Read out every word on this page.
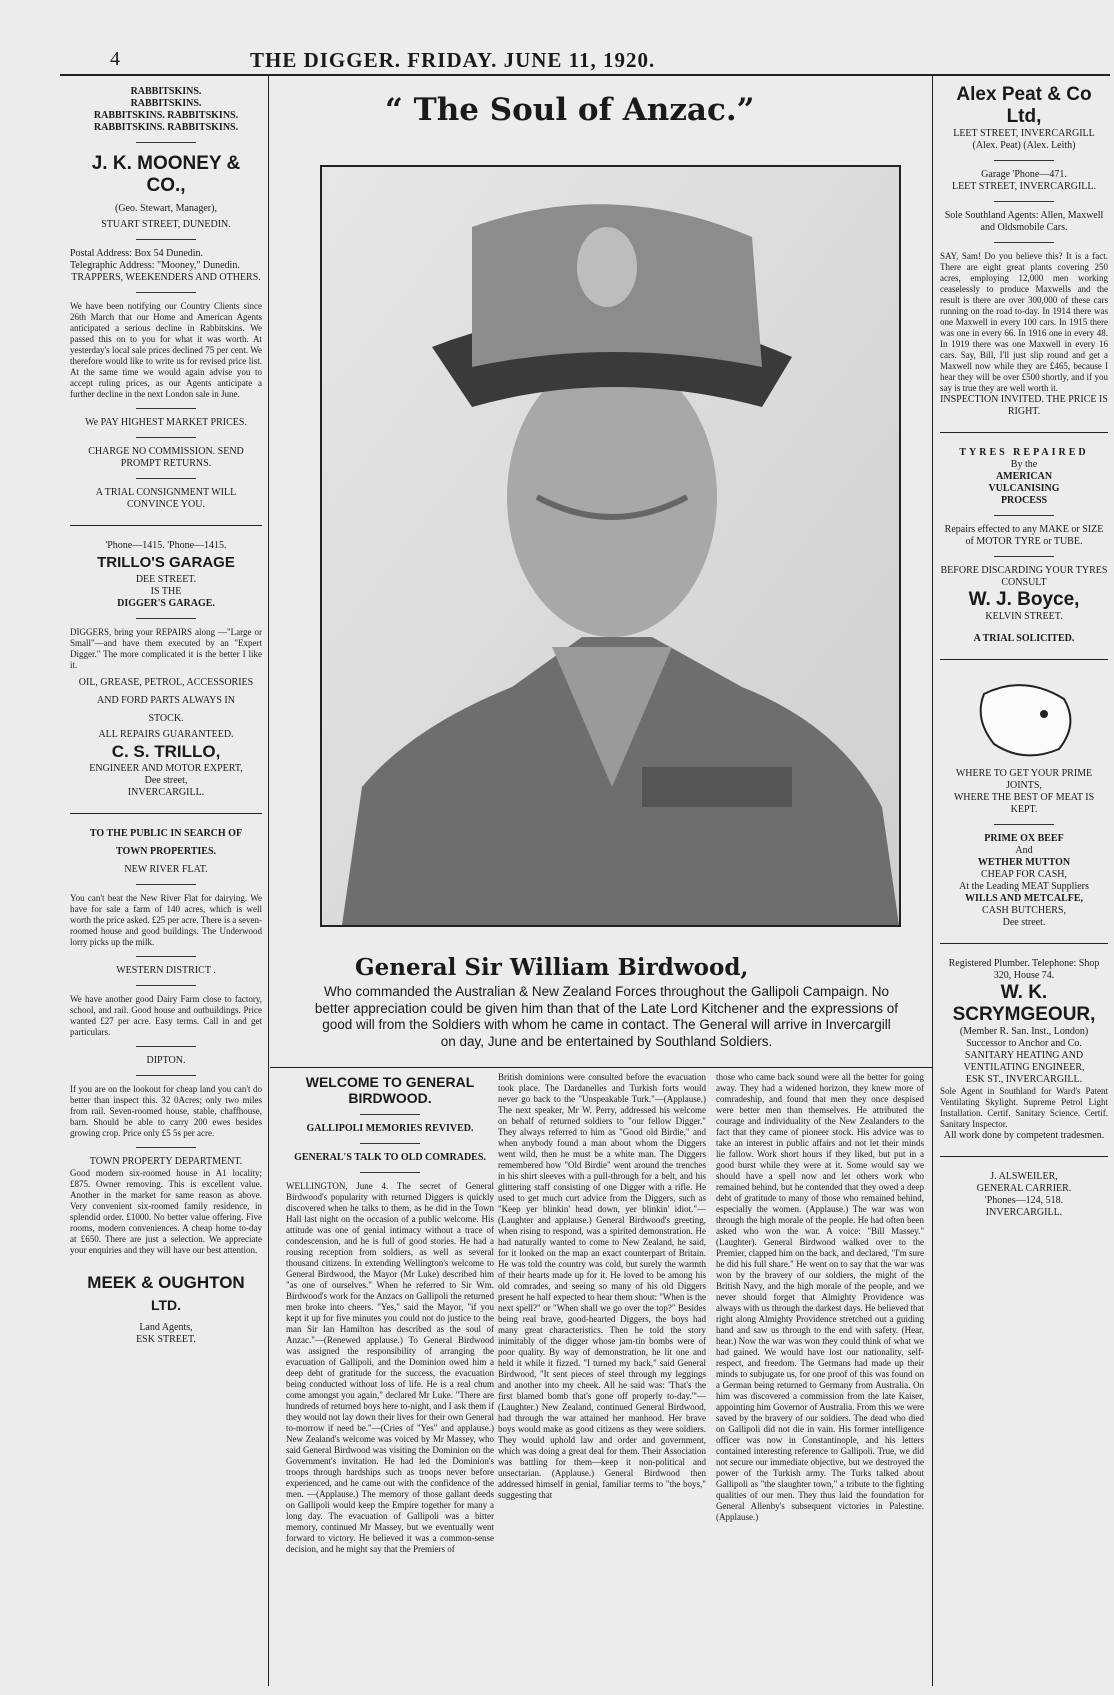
4	THE DIGGER. FRIDAY. JUNE 11, 1920.

RABBITSKINS.

RABBITSKINS.

RABBITSKINS. RABBITSKINS.

RABBITSKINS. RABBITSKINS.

J. K. MOONEY & CO.,

(Geo. Stewart, Manager),

STUART STREET, DUNEDIN.

Postal Address: Box 54 Dunedin.

Telegraphic Address: "Mooney," Dunedin.

TRAPPERS, WEEKENDERS AND OTHERS.

We have been notifying our Country Clients since 26th March that our Home and American Agents anticipated a serious decline in Rabbitskins. We passed this on to you for what it was worth. At yesterday's local sale prices declined 75 per cent. We therefore would like to write us for revised price list. At the same time we would again advise you to accept ruling prices, as our Agents anticipate a further decline in the next London sale in June.

We PAY HIGHEST MARKET PRICES.

CHARGE NO COMMISSION. SEND PROMPT RETURNS.

A TRIAL CONSIGNMENT WILL CONVINCE YOU.

'Phone—1415. 'Phone—1415.

TRILLO'S GARAGE

DEE STREET.

IS THE

DIGGER'S GARAGE.

DIGGERS, bring your REPAIRS along —"Large or Small"—and have them executed by an "Expert Digger." The more complicated it is the better I like it.

OIL, GREASE, PETROL, ACCESSORIES

AND FORD PARTS ALWAYS IN

STOCK.

ALL REPAIRS GUARANTEED.

C. S. TRILLO,

ENGINEER AND MOTOR EXPERT,

Dee street,

INVERCARGILL.

TO THE PUBLIC IN SEARCH OF

TOWN PROPERTIES.

NEW RIVER FLAT.

You can't beat the New River Flat for dairying. We have for sale a farm of 140 acres, which is well worth the price asked. £25 per acre. There is a seven-roomed house and good buildings. The Underwood lorry picks up the milk.

WESTERN DISTRICT .

We have another good Dairy Farm close to factory, school, and rail. Good house and outbuildings. Price wanted £27 per acre. Easy terms. Call in and get particulars.

DIPTON.

If you are on the lookout for cheap land you can't do better than inspect this. 32 0Acres; only two miles from rail. Seven-roomed house, stable, chaffhouse, barn. Should be able to carry 200 ewes besides growing crop. Price only £5 5s per acre.

TOWN PROPERTY DEPARTMENT.

Good modern six-roomed house in A1 locality; £875. Owner removing. This is excellent value. Another in the market for same reason as above. Very convenient six-roomed family residence, in splendid order. £1000. No better value offering. Five rooms, modern conveniences. A cheap home to-day at £650. There are just a selection. We appreciate your enquiries and they will have our best attention.

MEEK & OUGHTON

LTD.

Land Agents,

ESK STREET.

“ The Soul of Anzac.”
General Sir William Birdwood,
Who commanded the Australian & New Zealand Forces throughout the Gallipoli Campaign. No better appreciation could be given him than that of the Late Lord Kitchener and the expressions of good will from the Soldiers with whom he came in contact. The General will arrive in Invercargill on day, June and be entertained by Southland Soldiers.

WELCOME TO GENERAL BIRDWOOD.

GALLIPOLI MEMORIES REVIVED.

GENERAL'S TALK TO OLD COMRADES.

WELLINGTON, June 4. The secret of General Birdwood's popularity with returned Diggers is quickly discovered when he talks to them, as he did in the Town Hall last night on the occasion of a public welcome. His attitude was one of genial intimacy without a trace of condescension, and he is full of good stories. He had a rousing reception from soldiers, as well as several thousand citizens. In extending Wellington's welcome to General Birdwood, the Mayor (Mr Luke) described him "as one of ourselves." When he referred to Sir Wm. Birdwood's work for the Anzacs on Gallipoli the returned men broke into cheers. "Yes," said the Mayor, "if you kept it up for five minutes you could not do justice to the man Sir Ian Hamilton has described as the soul of Anzac."—(Renewed applause.) To General Birdwood was assigned the responsibility of arranging the evacuation of Gallipoli, and the Dominion owed him a deep debt of gratitude for the success, the evacuation being conducted without loss of life. He is a real chum come amongst you again," declared Mr Luke. "There are hundreds of returned boys here to-night, and I ask them if they would not lay down their lives for their own General to-morrow if need be."—(Cries of "Yes" and applause.) New Zealand's welcome was voiced by Mr Massey, who said General Birdwood was visiting the Dominion on the Government's invitation. He had led the Dominion's troops through hardships such as troops never before experienced, and he came out with the confidence of the men. —(Applause.) The memory of those gallant deeds on Gallipoli would keep the Empire together for many a long day. The evacuation of Gallipoli was a bitter memory, continued Mr Massey, but we eventually went forward to victory. He believed it was a common-sense decision, and he might say that the Premiers of

British dominions were consulted before the evacuation took place. The Dardanelles and Turkish forts would never go back to the "Unspeakable Turk."—(Applause.) The next speaker, Mr W. Perry, addressed his welcome on behalf of returned soldiers to "our fellow Digger." They always referred to him as "Good old Birdie," and when anybody found a man about whom the Diggers went wild, then he must be a white man. The Diggers remembered how "Old Birdie" went around the trenches in his shirt sleeves with a pull-through for a belt, and his glittering staff consisting of one Digger with a rifle. He used to get much curt advice from the Diggers, such as "Keep yer blinkin' head down, yer blinkin' idiot."—(Laughter and applause.) General Birdwood's greeting, when rising to respond, was a spirited demonstration. He had naturally wanted to come to New Zealand, he said, for it looked on the map an exact counterpart of Britain. He was told the country was cold, but surely the warmth of their hearts made up for it. He loved to be among his old comrades, and seeing so many of his old Diggers present he half expected to hear them shout: "When is the next spell?" or "When shall we go over the top?" Besides being real brave, good-hearted Diggers, the boys had many great characteristics. Then he told the story inimitably of the digger whose jam-tin bombs were of poor quality. By way of demonstration, he lit one and held it while it fizzed. "I turned my back," said General Birdwood, "It sent pieces of steel through my leggings and another into my cheek. All he said was: 'That's the first blamed bomb that's gone off properly to-day.'"—(Laughter.) New Zealand, continued General Birdwood, had through the war attained her manhood. Her brave boys would make as good citizens as they were soldiers. They would uphold law and order and government, which was doing a great deal for them. Their Association was battling for them—keep it non-political and unsectarian. (Applause.) General Birdwood then addressed himself in genial, familiar terms to "the boys," suggesting that
those who came back sound were all the better for going away. They had a widened horizon, they knew more of comradeship, and found that men they once despised were better men than themselves. He attributed the courage and individuality of the New Zealanders to the fact that they came of pioneer stock. His advice was to take an interest in public affairs and not let their minds lie fallow. Work short hours if they liked, but put in a good burst while they were at it. Some would say we should have a spell now and let others work who remained behind, but he contended that they owed a deep debt of gratitude to many of those who remained behind, especially the women. (Applause.) The war was won through the high morale of the people. He had often been asked who won the war. A voice: "Bill Massey." (Laughter). General Birdwood walked over to the Premier, clapped him on the back, and declared, "I'm sure he did his full share." He went on to say that the war was won by the bravery of our soldiers, the might of the British Navy, and the high morale of the people, and we never should forget that Almighty Providence was always with us through the darkest days. He believed that right along Almighty Providence stretched out a guiding hand and saw us through to the end with safety. (Hear, hear.) Now the war was won they could think of what we had gained. We would have lost our nationality, self-respect, and freedom. The Germans had made up their minds to subjugate us, for one proof of this was found on a German being returned to Germany from Australia. On him was discovered a commission from the late Kaiser, appointing him Governor of Australia. From this we were saved by the bravery of our soldiers. The dead who died on Gallipoli did not die in vain. His former intelligence officer was now in Constantinople, and his letters contained interesting reference to Gallipoli. True, we did not secure our immediate objective, but we destroyed the power of the Turkish army. The Turks talked about Gallipoli as "the slaughter town," a tribute to the fighting qualities of our men. They thus laid the foundation for General Allenby's subsequent victories in Palestine. (Applause.)

Alex Peat & Co Ltd,

LEET STREET, INVERCARGILL

(Alex. Peat) (Alex. Leith)

Garage 'Phone—471.

LEET STREET, INVERCARGILL.

Sole Southland Agents: Allen, Maxwell and Oldsmobile Cars.

SAY, Sam! Do you believe this? It is a fact. There are eight great plants covering 250 acres, employing 12,000 men working ceaselessly to produce Maxwells and the result is there are over 300,000 of these cars running on the road to-day. In 1914 there was one Maxwell in every 100 cars. In 1915 there was one in every 66. In 1916 one in every 48. In 1919 there was one Maxwell in every 16 cars. Say, Bill, I'll just slip round and get a Maxwell now while they are £465, because I hear they will be over £500 shortly, and if you say is true they are well worth it.

INSPECTION INVITED. THE PRICE IS RIGHT.

TYRES REPAIRED

By the

AMERICAN

VULCANISING

PROCESS

Repairs effected to any MAKE or SIZE of MOTOR TYRE or TUBE.

BEFORE DISCARDING YOUR TYRES CONSULT

W. J. Boyce,

KELVIN STREET.

A TRIAL SOLICITED.

WHERE TO GET YOUR PRIME JOINTS,

WHERE THE BEST OF MEAT IS KEPT.

PRIME OX BEEF

And

WETHER MUTTON

CHEAP FOR CASH,

At the Leading MEAT Suppliers

WILLS AND METCALFE,

CASH BUTCHERS,

Dee street.

Registered Plumber. Telephone: Shop 320, House 74.

W. K. SCRYMGEOUR,

(Member R. San. Inst., London) Successor to Anchor and Co.

SANITARY HEATING AND VENTILATING ENGINEER,

ESK ST., INVERCARGILL.

Sole Agent in Southland for Ward's Patent Ventilating Skylight. Supreme Petrol Light Installation. Certif. Sanitary Science. Certif. Sanitary Inspector.

All work done by competent tradesmen.

J. ALSWEILER,

GENERAL CARRIER.

'Phones—124, 518.

INVERCARGILL.
